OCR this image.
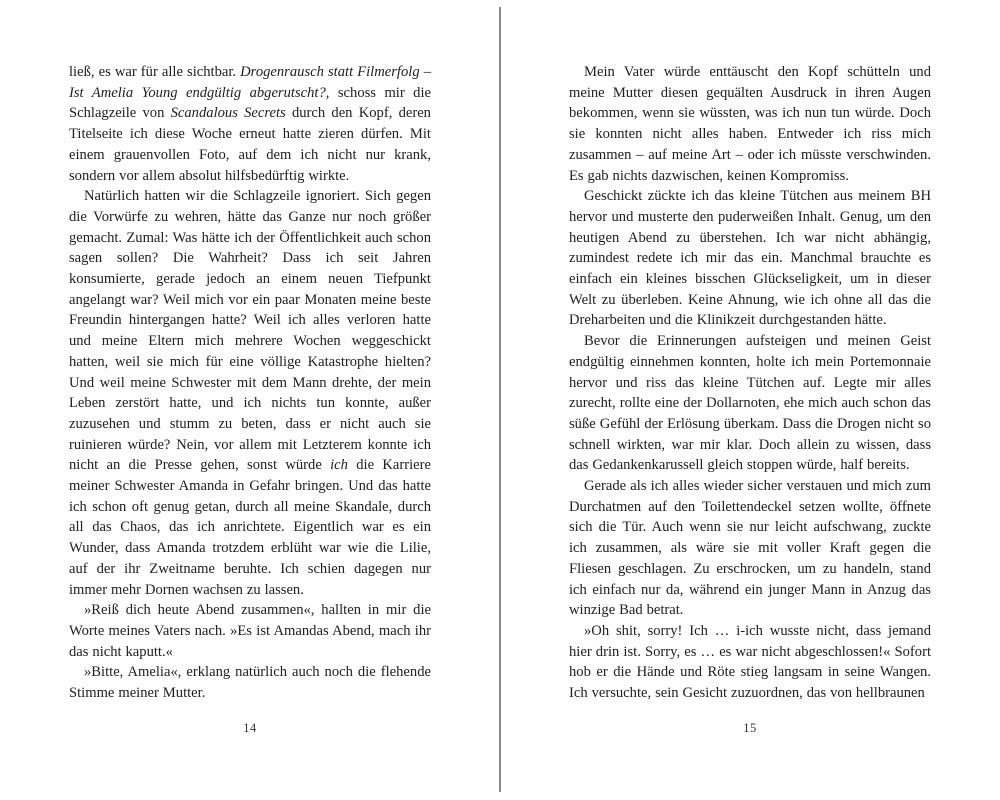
ließ, es war für alle sichtbar. Drogenrausch statt Filmerfolg – Ist Amelia Young endgültig abgerutscht?, schoss mir die Schlagzeile von Scandalous Secrets durch den Kopf, deren Titelseite ich diese Woche erneut hatte zieren dürfen. Mit einem grauenvollen Foto, auf dem ich nicht nur krank, sondern vor allem absolut hilfsbedürftig wirkte.

Natürlich hatten wir die Schlagzeile ignoriert. Sich gegen die Vorwürfe zu wehren, hätte das Ganze nur noch größer gemacht. Zumal: Was hätte ich der Öffentlichkeit auch schon sagen sollen? Die Wahrheit? Dass ich seit Jahren konsumierte, gerade jedoch an einem neuen Tiefpunkt angelangt war? Weil mich vor ein paar Monaten meine beste Freundin hintergangen hatte? Weil ich alles verloren hatte und meine Eltern mich mehrere Wochen weggeschickt hatten, weil sie mich für eine völlige Katastrophe hielten? Und weil meine Schwester mit dem Mann drehte, der mein Leben zerstört hatte, und ich nichts tun konnte, außer zuzusehen und stumm zu beten, dass er nicht auch sie ruinieren würde? Nein, vor allem mit Letzterem konnte ich nicht an die Presse gehen, sonst würde ich die Karriere meiner Schwester Amanda in Gefahr bringen. Und das hatte ich schon oft genug getan, durch all meine Skandale, durch all das Chaos, das ich anrichtete. Eigentlich war es ein Wunder, dass Amanda trotzdem erblüht war wie die Lilie, auf der ihr Zweitname beruhte. Ich schien dagegen nur immer mehr Dornen wachsen zu lassen.

»Reiß dich heute Abend zusammen«, hallten in mir die Worte meines Vaters nach. »Es ist Amandas Abend, mach ihr das nicht kaputt.«

»Bitte, Amelia«, erklang natürlich auch noch die flehende Stimme meiner Mutter.

14

Mein Vater würde enttäuscht den Kopf schütteln und meine Mutter diesen gequälten Ausdruck in ihren Augen bekommen, wenn sie wüssten, was ich nun tun würde. Doch sie konnten nicht alles haben. Entweder ich riss mich zusammen – auf meine Art – oder ich müsste verschwinden. Es gab nichts dazwischen, keinen Kompromiss.

Geschickt zückte ich das kleine Tütchen aus meinem BH hervor und musterte den puderweißen Inhalt. Genug, um den heutigen Abend zu überstehen. Ich war nicht abhängig, zumindest redete ich mir das ein. Manchmal brauchte es einfach ein kleines bisschen Glückseligkeit, um in dieser Welt zu überleben. Keine Ahnung, wie ich ohne all das die Dreharbeiten und die Klinikzeit durchgestanden hätte.

Bevor die Erinnerungen aufsteigen und meinen Geist endgültig einnehmen konnten, holte ich mein Portemonnaie hervor und riss das kleine Tütchen auf. Legte mir alles zurecht, rollte eine der Dollarnoten, ehe mich auch schon das süße Gefühl der Erlösung überkam. Dass die Drogen nicht so schnell wirkten, war mir klar. Doch allein zu wissen, dass das Gedankenkarussell gleich stoppen würde, half bereits.

Gerade als ich alles wieder sicher verstauen und mich zum Durchatmen auf den Toilettendeckel setzen wollte, öffnete sich die Tür. Auch wenn sie nur leicht aufschwang, zuckte ich zusammen, als wäre sie mit voller Kraft gegen die Fliesen geschlagen. Zu erschrocken, um zu handeln, stand ich einfach nur da, während ein junger Mann in Anzug das winzige Bad betrat.

»Oh shit, sorry! Ich … i-ich wusste nicht, dass jemand hier drin ist. Sorry, es … es war nicht abgeschlossen!« Sofort hob er die Hände und Röte stieg langsam in seine Wangen. Ich versuchte, sein Gesicht zuzuordnen, das von hellbraunen

15
